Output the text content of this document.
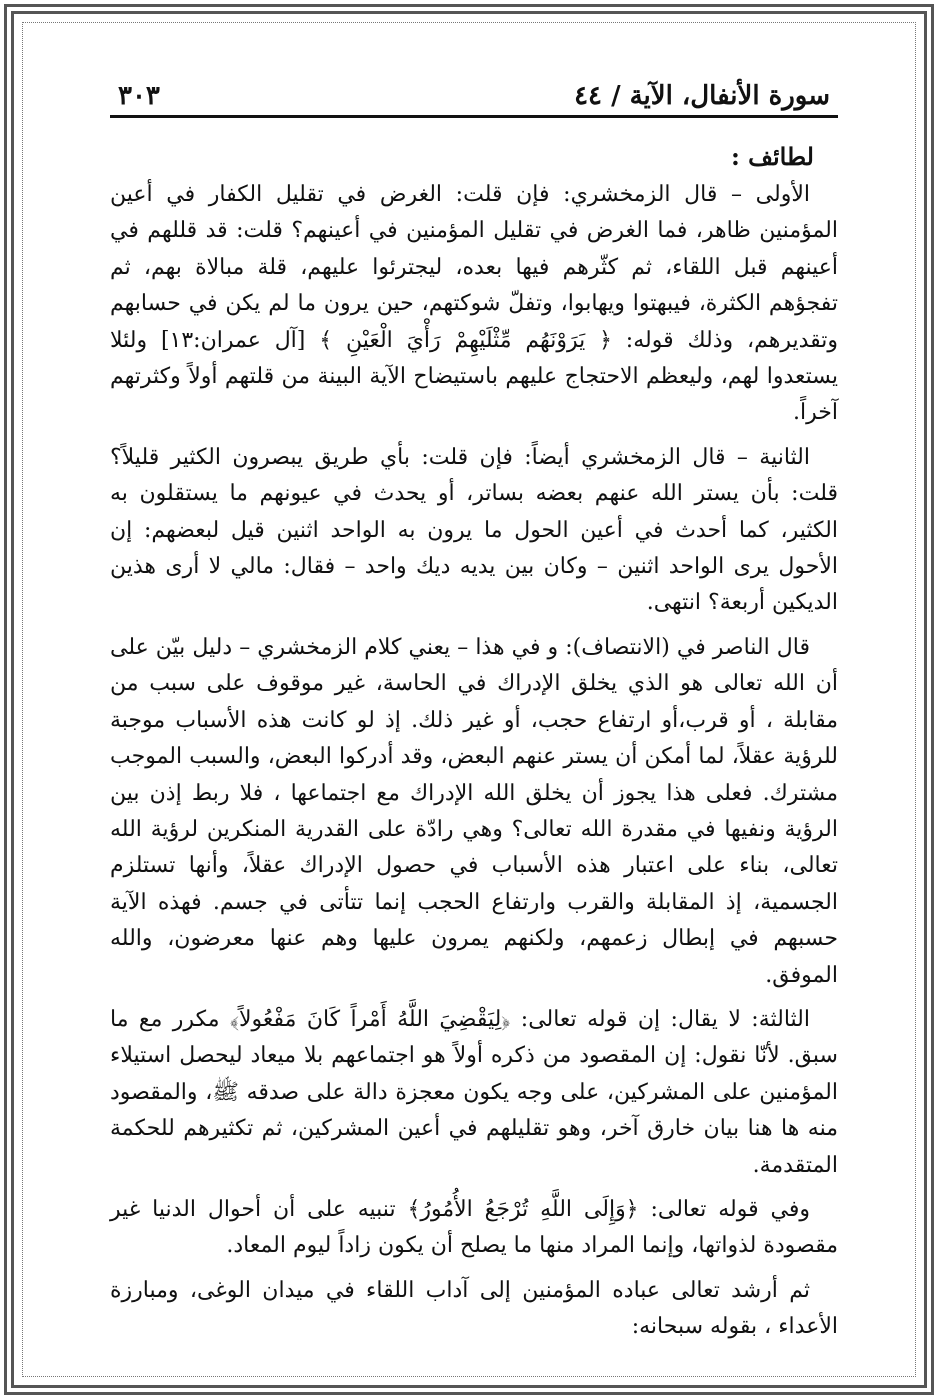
سورة الأنفال، الآية / ٤٤
٣٠٣
لطائف :

الأولى – قال الزمخشري: فإن قلت: الغرض في تقليل الكفار في أعين المؤمنين ظاهر، فما الغرض في تقليل المؤمنين في أعينهم؟ قلت: قد قللهم في أعينهم قبل اللقاء، ثم كثّرهم فيها بعده، ليجترئوا عليهم، قلة مبالاة بهم، ثم تفجؤهم الكثرة، فيبهتوا ويهابوا، وتفلّ شوكتهم، حين يرون ما لم يكن في حسابهم وتقديرهم، وذلك قوله: ﴿ يَرَوْنَهُم مِّثْلَيْهِمْ رَأْيَ الْعَيْنِ ﴾ [آل عمران:١٣] ولئلا يستعدوا لهم، وليعظم الاحتجاج عليهم باستيضاح الآية البينة من قلتهم أولاً وكثرتهم آخراً.

الثانية – قال الزمخشري أيضاً: فإن قلت: بأي طريق يبصرون الكثير قليلاً؟ قلت: بأن يستر الله عنهم بعضه بساتر، أو يحدث في عيونهم ما يستقلون به الكثير، كما أحدث في أعين الحول ما يرون به الواحد اثنين قيل لبعضهم: إن الأحول يرى الواحد اثنين – وكان بين يديه ديك واحد – فقال: مالي لا أرى هذين الديكين أربعة؟ انتهى.

قال الناصر في (الانتصاف): و في هذا – يعني كلام الزمخشري – دليل بيّن على أن الله تعالى هو الذي يخلق الإدراك في الحاسة، غير موقوف على سبب من مقابلة ، أو قرب،أو ارتفاع حجب، أو غير ذلك. إذ لو كانت هذه الأسباب موجبة للرؤية عقلاً، لما أمكن أن يستر عنهم البعض، وقد أدركوا البعض، والسبب الموجب مشترك. فعلى هذا يجوز أن يخلق الله الإدراك مع اجتماعها ، فلا ربط إذن بين الرؤية ونفيها في مقدرة الله تعالى؟ وهي رادّة على القدرية المنكرين لرؤية الله تعالى، بناء على اعتبار هذه الأسباب في حصول الإدراك عقلاً، وأنها تستلزم الجسمية، إذ المقابلة والقرب وارتفاع الحجب إنما تتأتى في جسم. فهذه الآية حسبهم في إبطال زعمهم، ولكنهم يمرون عليها وهم عنها معرضون، والله الموفق.

الثالثة: لا يقال: إن قوله تعالى: ﴿لِيَقْضِيَ اللَّهُ أَمْراً كَانَ مَفْعُولاً﴾ مكرر مع ما سبق. لأنّا نقول: إن المقصود من ذكره أولاً هو اجتماعهم بلا ميعاد ليحصل استيلاء المؤمنين على المشركين، على وجه يكون معجزة دالة على صدقه ﷺ، والمقصود منه ها هنا بيان خارق آخر، وهو تقليلهم في أعين المشركين، ثم تكثيرهم للحكمة المتقدمة.

وفي قوله تعالى: ﴿وَإِلَى اللَّهِ تُرْجَعُ الأُمُورُ﴾ تنبيه على أن أحوال الدنيا غير مقصودة لذواتها، وإنما المراد منها ما يصلح أن يكون زاداً ليوم المعاد.

ثم أرشد تعالى عباده المؤمنين إلى آداب اللقاء في ميدان الوغى، ومبارزة الأعداء ، بقوله سبحانه:
